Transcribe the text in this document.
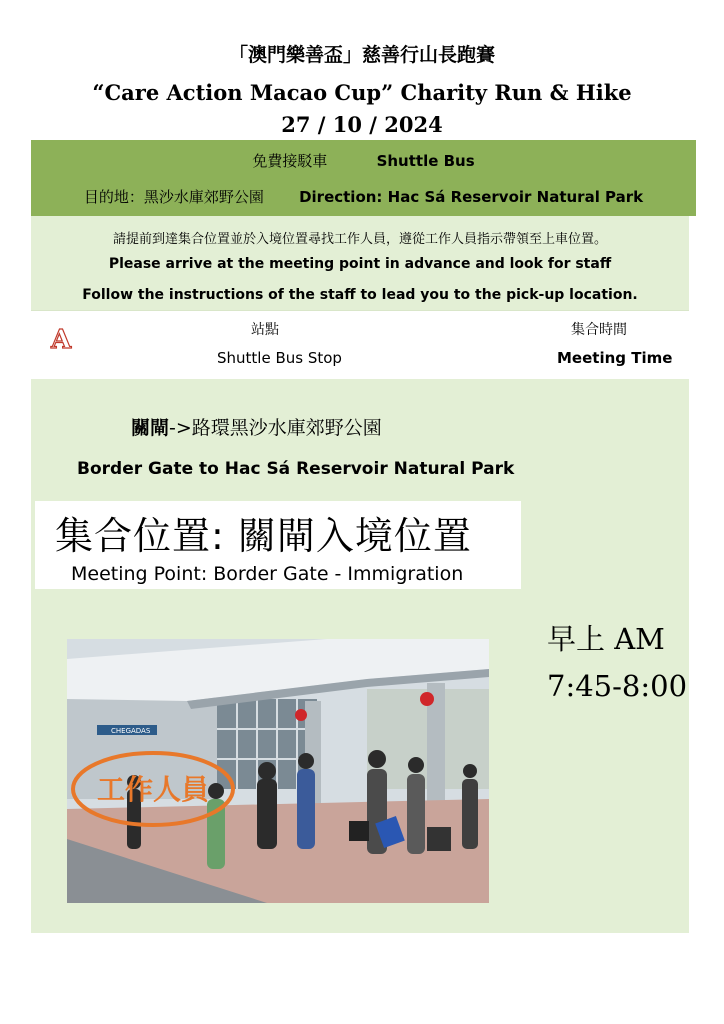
「澳門樂善盃」慈善行山長跑賽
“Care Action Macao Cup” Charity Run & Hike
27 / 10 / 2024
免費接駁車	Shuttle Bus
目的地：黑沙水庫郊野公園 Direction: Hac Sá Reservoir Natural Park
請提前到達集合位置並於入境位置尋找工作人員，遵從工作人員指示帶領至上車位置。
Please arrive at the meeting point in advance and look for staff
Follow the instructions of the staff to lead you to the pick-up location.
A	站點
Shuttle Bus Stop
集合時間
Meeting Time
關閘->路環黑沙水庫郊野公園
Border Gate to Hac Sá Reservoir Natural Park
集合位置: 關閘入境位置
Meeting Point: Border Gate - Immigration
早上 AM
7:45-8:00
CHEGADAS
工作人員
